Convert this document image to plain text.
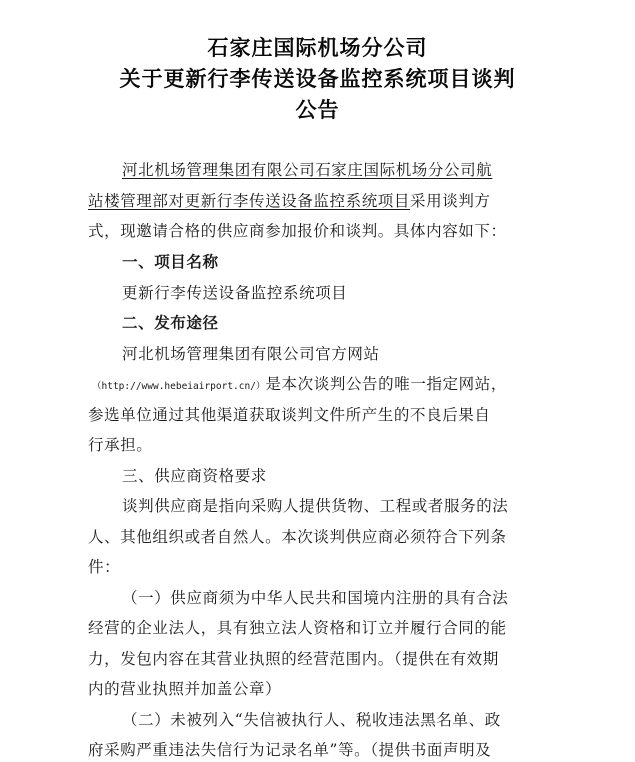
石家庄国际机场分公司
关于更新行李传送设备监控系统项目谈判
公告
河北机场管理集团有限公司石家庄国际机场分公司航
站楼管理部对更新行李传送设备监控系统项目采用谈判方
式，现邀请合格的供应商参加报价和谈判。具体内容如下：
一、项目名称
更新行李传送设备监控系统项目
二、发布途径
河北机场管理集团有限公司官方网站
（http://www.hebeiairport.cn/）是本次谈判公告的唯一指定网站，
参选单位通过其他渠道获取谈判文件所产生的不良后果自
行承担。
三、供应商资格要求
谈判供应商是指向采购人提供货物、工程或者服务的法
人、其他组织或者自然人。本次谈判供应商必须符合下列条
件：
（一）供应商须为中华人民共和国境内注册的具有合法
经营的企业法人，具有独立法人资格和订立并履行合同的能
力，发包内容在其营业执照的经营范围内。（提供在有效期
内的营业执照并加盖公章）
（二）未被列入“失信被执行人、税收违法黑名单、政
府采购严重违法失信行为记录名单”等。（提供书面声明及
